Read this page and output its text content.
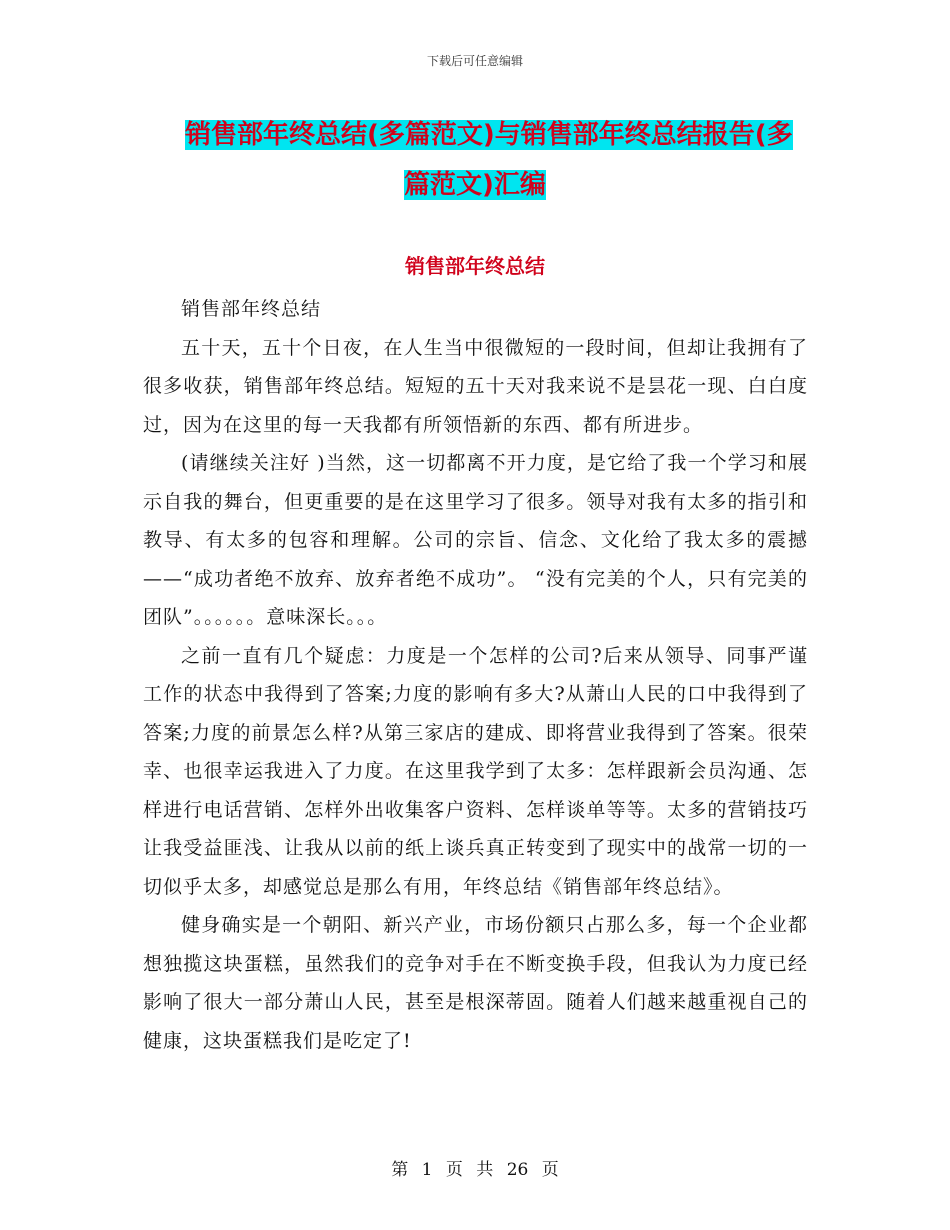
下载后可任意编辑
销售部年终总结(多篇范文)与销售部年终总结报告(多
篇范文)汇编
销售部年终总结

销售部年终总结

五十天，五十个日夜，在人生当中很微短的一段时间，但却让我拥有了很多收获，销售部年终总结。短短的五十天对我来说不是昙花一现、白白度过，因为在这里的每一天我都有所领悟新的东西、都有所进步。

(请继续关注好 )当然，这一切都离不开力度，是它给了我一个学习和展示自我的舞台，但更重要的是在这里学习了很多。领导对我有太多的指引和教导、有太多的包容和理解。公司的宗旨、信念、文化给了我太多的震撼——“成功者绝不放弃、放弃者绝不成功”。 “没有完美的个人，只有完美的团队”。。。。。。意味深长。。。

之前一直有几个疑虑：力度是一个怎样的公司?后来从领导、同事严谨工作的状态中我得到了答案;力度的影响有多大?从萧山人民的口中我得到了答案;力度的前景怎么样?从第三家店的建成、即将营业我得到了答案。很荣幸、也很幸运我进入了力度。在这里我学到了太多：怎样跟新会员沟通、怎样进行电话营销、怎样外出收集客户资料、怎样谈单等等。太多的营销技巧让我受益匪浅、让我从以前的纸上谈兵真正转变到了现实中的战常一切的一切似乎太多，却感觉总是那么有用，年终总结《销售部年终总结》。

健身确实是一个朝阳、新兴产业，市场份额只占那么多，每一个企业都想独揽这块蛋糕，虽然我们的竞争对手在不断变换手段，但我认为力度已经影响了很大一部分萧山人民，甚至是根深蒂固。随着人们越来越重视自己的健康，这块蛋糕我们是吃定了!

第 1 页 共 26 页
